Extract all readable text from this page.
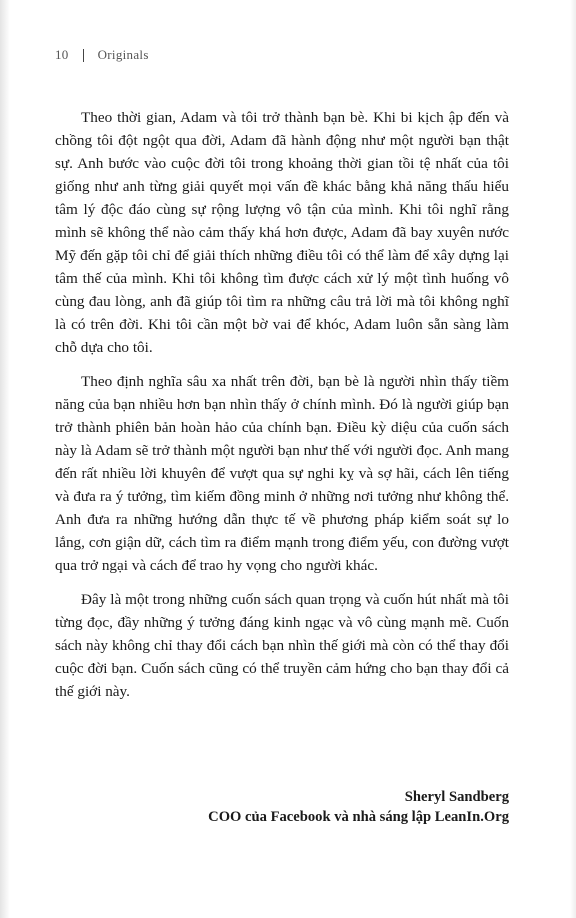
10 Originals

Theo thời gian, Adam và tôi trở thành bạn bè. Khi bi kịch ập đến và chồng tôi đột ngột qua đời, Adam đã hành động như một người bạn thật sự. Anh bước vào cuộc đời tôi trong khoảng thời gian tồi tệ nhất của tôi giống như anh từng giải quyết mọi vấn đề khác bằng khả năng thấu hiểu tâm lý độc đáo cùng sự rộng lượng vô tận của mình. Khi tôi nghĩ rằng mình sẽ không thể nào cảm thấy khá hơn được, Adam đã bay xuyên nước Mỹ đến gặp tôi chỉ để giải thích những điều tôi có thể làm để xây dựng lại tâm thế của mình. Khi tôi không tìm được cách xử lý một tình huống vô cùng đau lòng, anh đã giúp tôi tìm ra những câu trả lời mà tôi không nghĩ là có trên đời. Khi tôi cần một bờ vai để khóc, Adam luôn sẵn sàng làm chỗ dựa cho tôi.

Theo định nghĩa sâu xa nhất trên đời, bạn bè là người nhìn thấy tiềm năng của bạn nhiều hơn bạn nhìn thấy ở chính mình. Đó là người giúp bạn trở thành phiên bản hoàn hảo của chính bạn. Điều kỳ diệu của cuốn sách này là Adam sẽ trở thành một người bạn như thế với người đọc. Anh mang đến rất nhiều lời khuyên để vượt qua sự nghi kỵ và sợ hãi, cách lên tiếng và đưa ra ý tưởng, tìm kiếm đồng minh ở những nơi tưởng như không thể. Anh đưa ra những hướng dẫn thực tế về phương pháp kiểm soát sự lo lắng, cơn giận dữ, cách tìm ra điểm mạnh trong điểm yếu, con đường vượt qua trở ngại và cách để trao hy vọng cho người khác.

Đây là một trong những cuốn sách quan trọng và cuốn hút nhất mà tôi từng đọc, đầy những ý tưởng đáng kinh ngạc và vô cùng mạnh mẽ. Cuốn sách này không chỉ thay đổi cách bạn nhìn thế giới mà còn có thể thay đổi cuộc đời bạn. Cuốn sách cũng có thể truyền cảm hứng cho bạn thay đổi cả thế giới này.

Sheryl Sandberg
COO của Facebook và nhà sáng lập LeanIn.Org
